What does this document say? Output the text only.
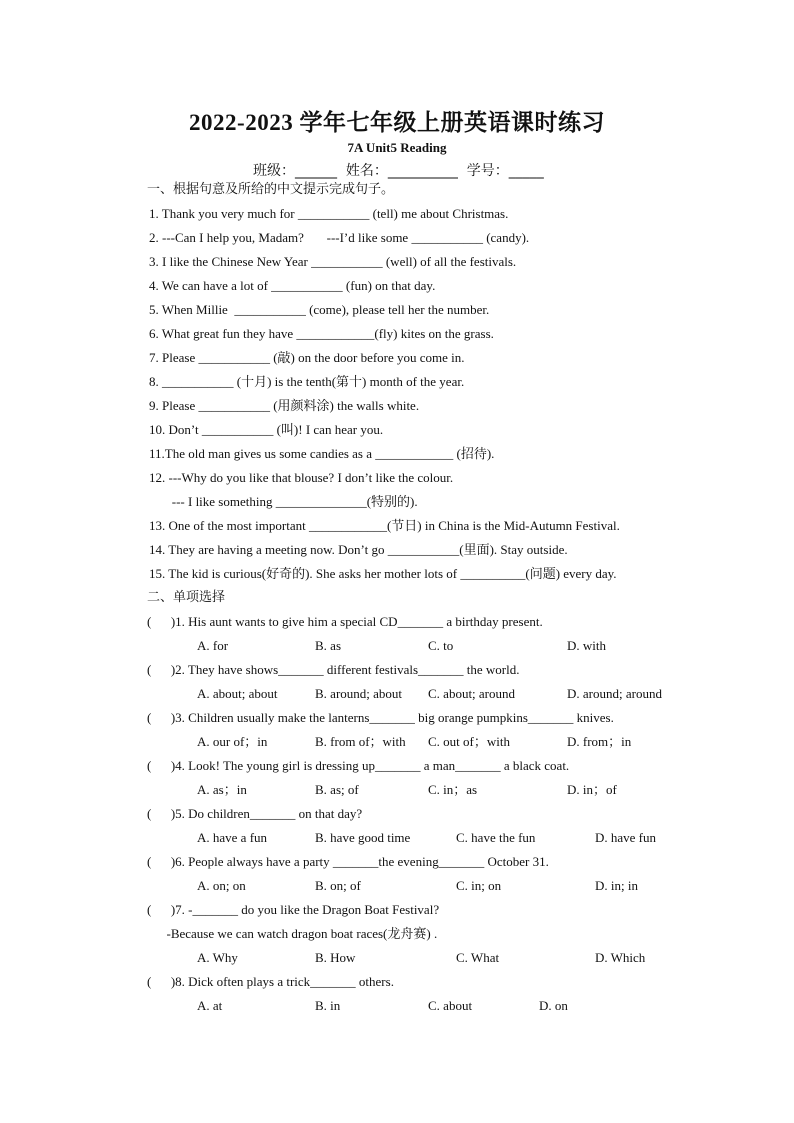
2022-2023 学年七年级上册英语课时练习
7A Unit5 Reading
班级：______  姓名：__________  学号：_____
一、根据句意及所给的中文提示完成句子。
1. Thank you very much for ___________ (tell) me about Christmas.
2. ---Can I help you, Madam?       ---I’d like some ___________ (candy).
3. I like the Chinese New Year ___________ (well) of all the festivals.
4. We can have a lot of ___________ (fun) on that day.
5. When Millie  ___________ (come), please tell her the number.
6. What great fun they have ____________(fly) kites on the grass.
7. Please ___________ (敲) on the door before you come in.
8. ___________ (十月) is the tenth(第十) month of the year.
9. Please ___________ (用颜料涂) the walls white.
10. Don’t ___________ (叫)! I can hear you.
11.The old man gives us some candies as a ____________ (招待).
12. ---Why do you like that blouse? I don’t like the colour.
--- I like something ______________(特别的).
13. One of the most important ____________(节日) in China is the Mid-Autumn Festival.
14. They are having a meeting now. Don’t go ___________(里面). Stay outside.
15. The kid is curious(好奇的). She asks her mother lots of __________(问题) every day.
二、单项选择
(      )1. His aunt wants to give him a special CD_______ a birthday present.

A. for

	B. as

	C. to

	D. with

(      )2. They have shows_______ different festivals_______ the world.

A. about; about

	B. around; about

C. about; around

	D. around; around

(      )3. Children usually make the lanterns_______ big orange pumpkins_______ knives.

A. our of；in

	B. from of；with

C. out of；with

	D. from；in

(      )4. Look! The young girl is dressing up_______ a man_______ a black coat.

A. as；in

	B. as; of

	C. in；as

	D. in；of

(      )5. Do children_______ on that day?

A. have a fun

	B. have good time

	C. have the fun

	D. have fun

(      )6. People always have a party _______the evening_______ October 31.

A. on; on

	B. on; of

	C. in; on

	D. in; in

(      )7. -_______ do you like the Dragon Boat Festival?
-Because we can watch dragon boat races(龙舟赛) .

A. Why

	B. How

	C. What

	D. Which

(      )8. Dick often plays a trick_______ others.

A. at

	B. in

	C. about

	D. on
